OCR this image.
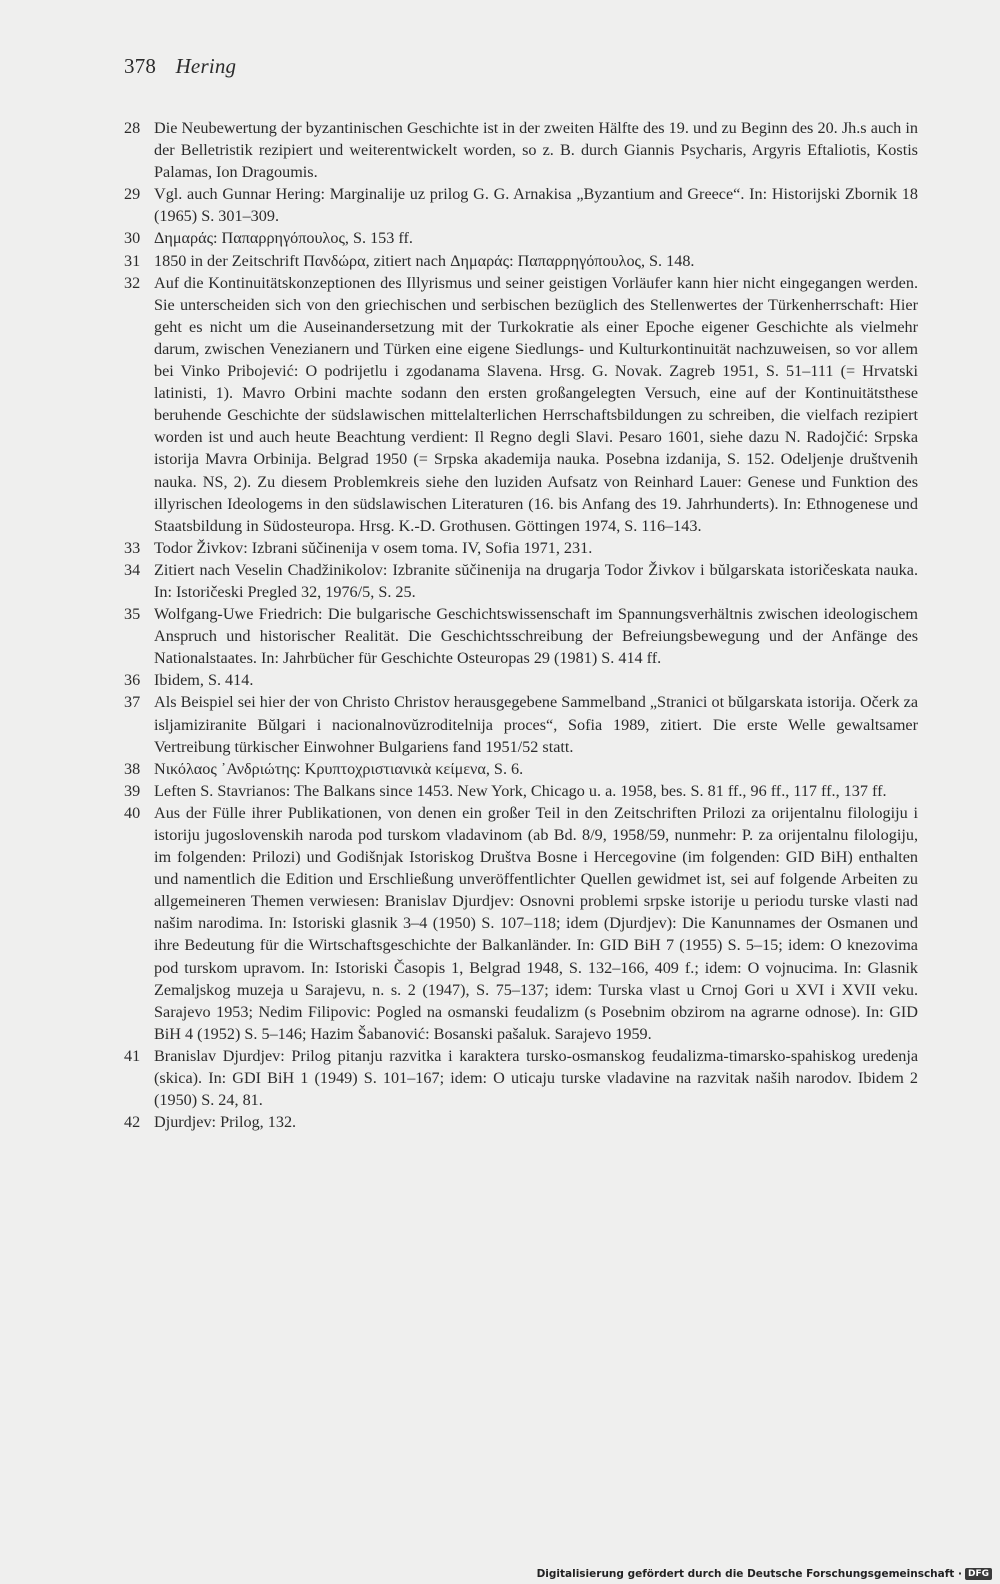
378 Hering
28 Die Neubewertung der byzantinischen Geschichte ist in der zweiten Hälfte des 19. und zu Beginn des 20. Jh.s auch in der Belletristik rezipiert und weiterentwickelt worden, so z. B. durch Giannis Psycharis, Argyris Eftaliotis, Kostis Palamas, Ion Dragoumis.
29 Vgl. auch Gunnar Hering: Marginalije uz prilog G. G. Arnakisa „Byzantium and Greece“. In: Historijski Zbornik 18 (1965) S. 301–309.
30 Δημαράς: Παπαρρηγόπουλος, S. 153 ff.
31 1850 in der Zeitschrift Πανδώρα, zitiert nach Δημαράς: Παπαρρηγόπουλος, S. 148.
32 Auf die Kontinuitätskonzeptionen des Illyrismus und seiner geistigen Vorläufer kann hier nicht eingegangen werden. Sie unterscheiden sich von den griechischen und serbischen bezüglich des Stellenwertes der Türkenherrschaft: Hier geht es nicht um die Auseinandersetzung mit der Turkokratie als einer Epoche eigener Geschichte als vielmehr darum, zwischen Venezianern und Türken eine eigene Siedlungs- und Kulturkontinuität nachzuweisen, so vor allem bei Vinko Pribojević: O podrijetlu i zgodanama Slavena. Hrsg. G. Novak. Zagreb 1951, S. 51–111 (= Hrvatski latinisti, 1). Mavro Orbini machte sodann den ersten großangelegten Versuch, eine auf der Kontinuitätsthese beruhende Geschichte der südslawischen mittelalterlichen Herrschaftsbildungen zu schreiben, die vielfach rezipiert worden ist und auch heute Beachtung verdient: Il Regno degli Slavi. Pesaro 1601, siehe dazu N. Radojčić: Srpska istorija Mavra Orbinija. Belgrad 1950 (= Srpska akademija nauka. Posebna izdanija, S. 152. Odeljenje društvenih nauka. NS, 2). Zu diesem Problemkreis siehe den luziden Aufsatz von Reinhard Lauer: Genese und Funktion des illyrischen Ideologems in den südslawischen Literaturen (16. bis Anfang des 19. Jahrhunderts). In: Ethnogenese und Staatsbildung in Südosteuropa. Hrsg. K.-D. Grothusen. Göttingen 1974, S. 116–143.
33 Todor Živkov: Izbrani sŭčinenija v osem toma. IV, Sofia 1971, 231.
34 Zitiert nach Veselin Chadžinikolov: Izbranite sŭčinenija na drugarja Todor Živkov i bŭlgarskata istoričeskata nauka. In: Istoričeski Pregled 32, 1976/5, S. 25.
35 Wolfgang-Uwe Friedrich: Die bulgarische Geschichtswissenschaft im Spannungsverhältnis zwischen ideologischem Anspruch und historischer Realität. Die Geschichtsschreibung der Befreiungsbewegung und der Anfänge des Nationalstaates. In: Jahrbücher für Geschichte Osteuropas 29 (1981) S. 414 ff.
36 Ibidem, S. 414.
37 Als Beispiel sei hier der von Christo Christov herausgegebene Sammelband „Stranici ot bŭlgarskata istorija. Očerk za isljamiziranite Bŭlgari i nacionalnovŭzroditelnija proces“, Sofia 1989, zitiert. Die erste Welle gewaltsamer Vertreibung türkischer Einwohner Bulgariens fand 1951/52 statt.
38 Νικόλαος ᾿Ανδριώτης: Κρυπτοχριστιανικὰ κείμενα, S. 6.
39 Leften S. Stavrianos: The Balkans since 1453. New York, Chicago u. a. 1958, bes. S. 81 ff., 96 ff., 117 ff., 137 ff.
40 Aus der Fülle ihrer Publikationen, von denen ein großer Teil in den Zeitschriften Prilozi za orijentalnu filologiju i istoriju jugoslovenskih naroda pod turskom vladavinom (ab Bd. 8/9, 1958/59, nunmehr: P. za orijentalnu filologiju, im folgenden: Prilozi) und Godišnjak Istoriskog Društva Bosne i Hercegovine (im folgenden: GID BiH) enthalten und namentlich die Edition und Erschließung unveröffentlichter Quellen gewidmet ist, sei auf folgende Arbeiten zu allgemeineren Themen verwiesen: Branislav Djurdjev: Osnovni problemi srpske istorije u periodu turske vlasti nad našim narodima. In: Istoriski glasnik 3–4 (1950) S. 107–118; idem (Djurdjev): Die Kanunnames der Osmanen und ihre Bedeutung für die Wirtschaftsgeschichte der Balkanländer. In: GID BiH 7 (1955) S. 5–15; idem: O knezovima pod turskom upravom. In: Istoriski Časopis 1, Belgrad 1948, S. 132–166, 409 f.; idem: O vojnucima. In: Glasnik Zemaljskog muzeja u Sarajevu, n. s. 2 (1947), S. 75–137; idem: Turska vlast u Crnoj Gori u XVI i XVII veku. Sarajevo 1953; Nedim Filipovic: Pogled na osmanski feudalizm (s Posebnim obzirom na agrarne odnose). In: GID BiH 4 (1952) S. 5–146; Hazim Šabanović: Bosanski pašaluk. Sarajevo 1959.
41 Branislav Djurdjev: Prilog pitanju razvitka i karaktera tursko-osmanskog feudalizma-timarsko-spahiskog uredenja (skica). In: GDI BiH 1 (1949) S. 101–167; idem: O uticaju turske vladavine na razvitak naših narodov. Ibidem 2 (1950) S. 24, 81.
42 Djurdjev: Prilog, 132.
Digitalisierung gefördert durch die Deutsche Forschungsgemeinschaft · DFG
